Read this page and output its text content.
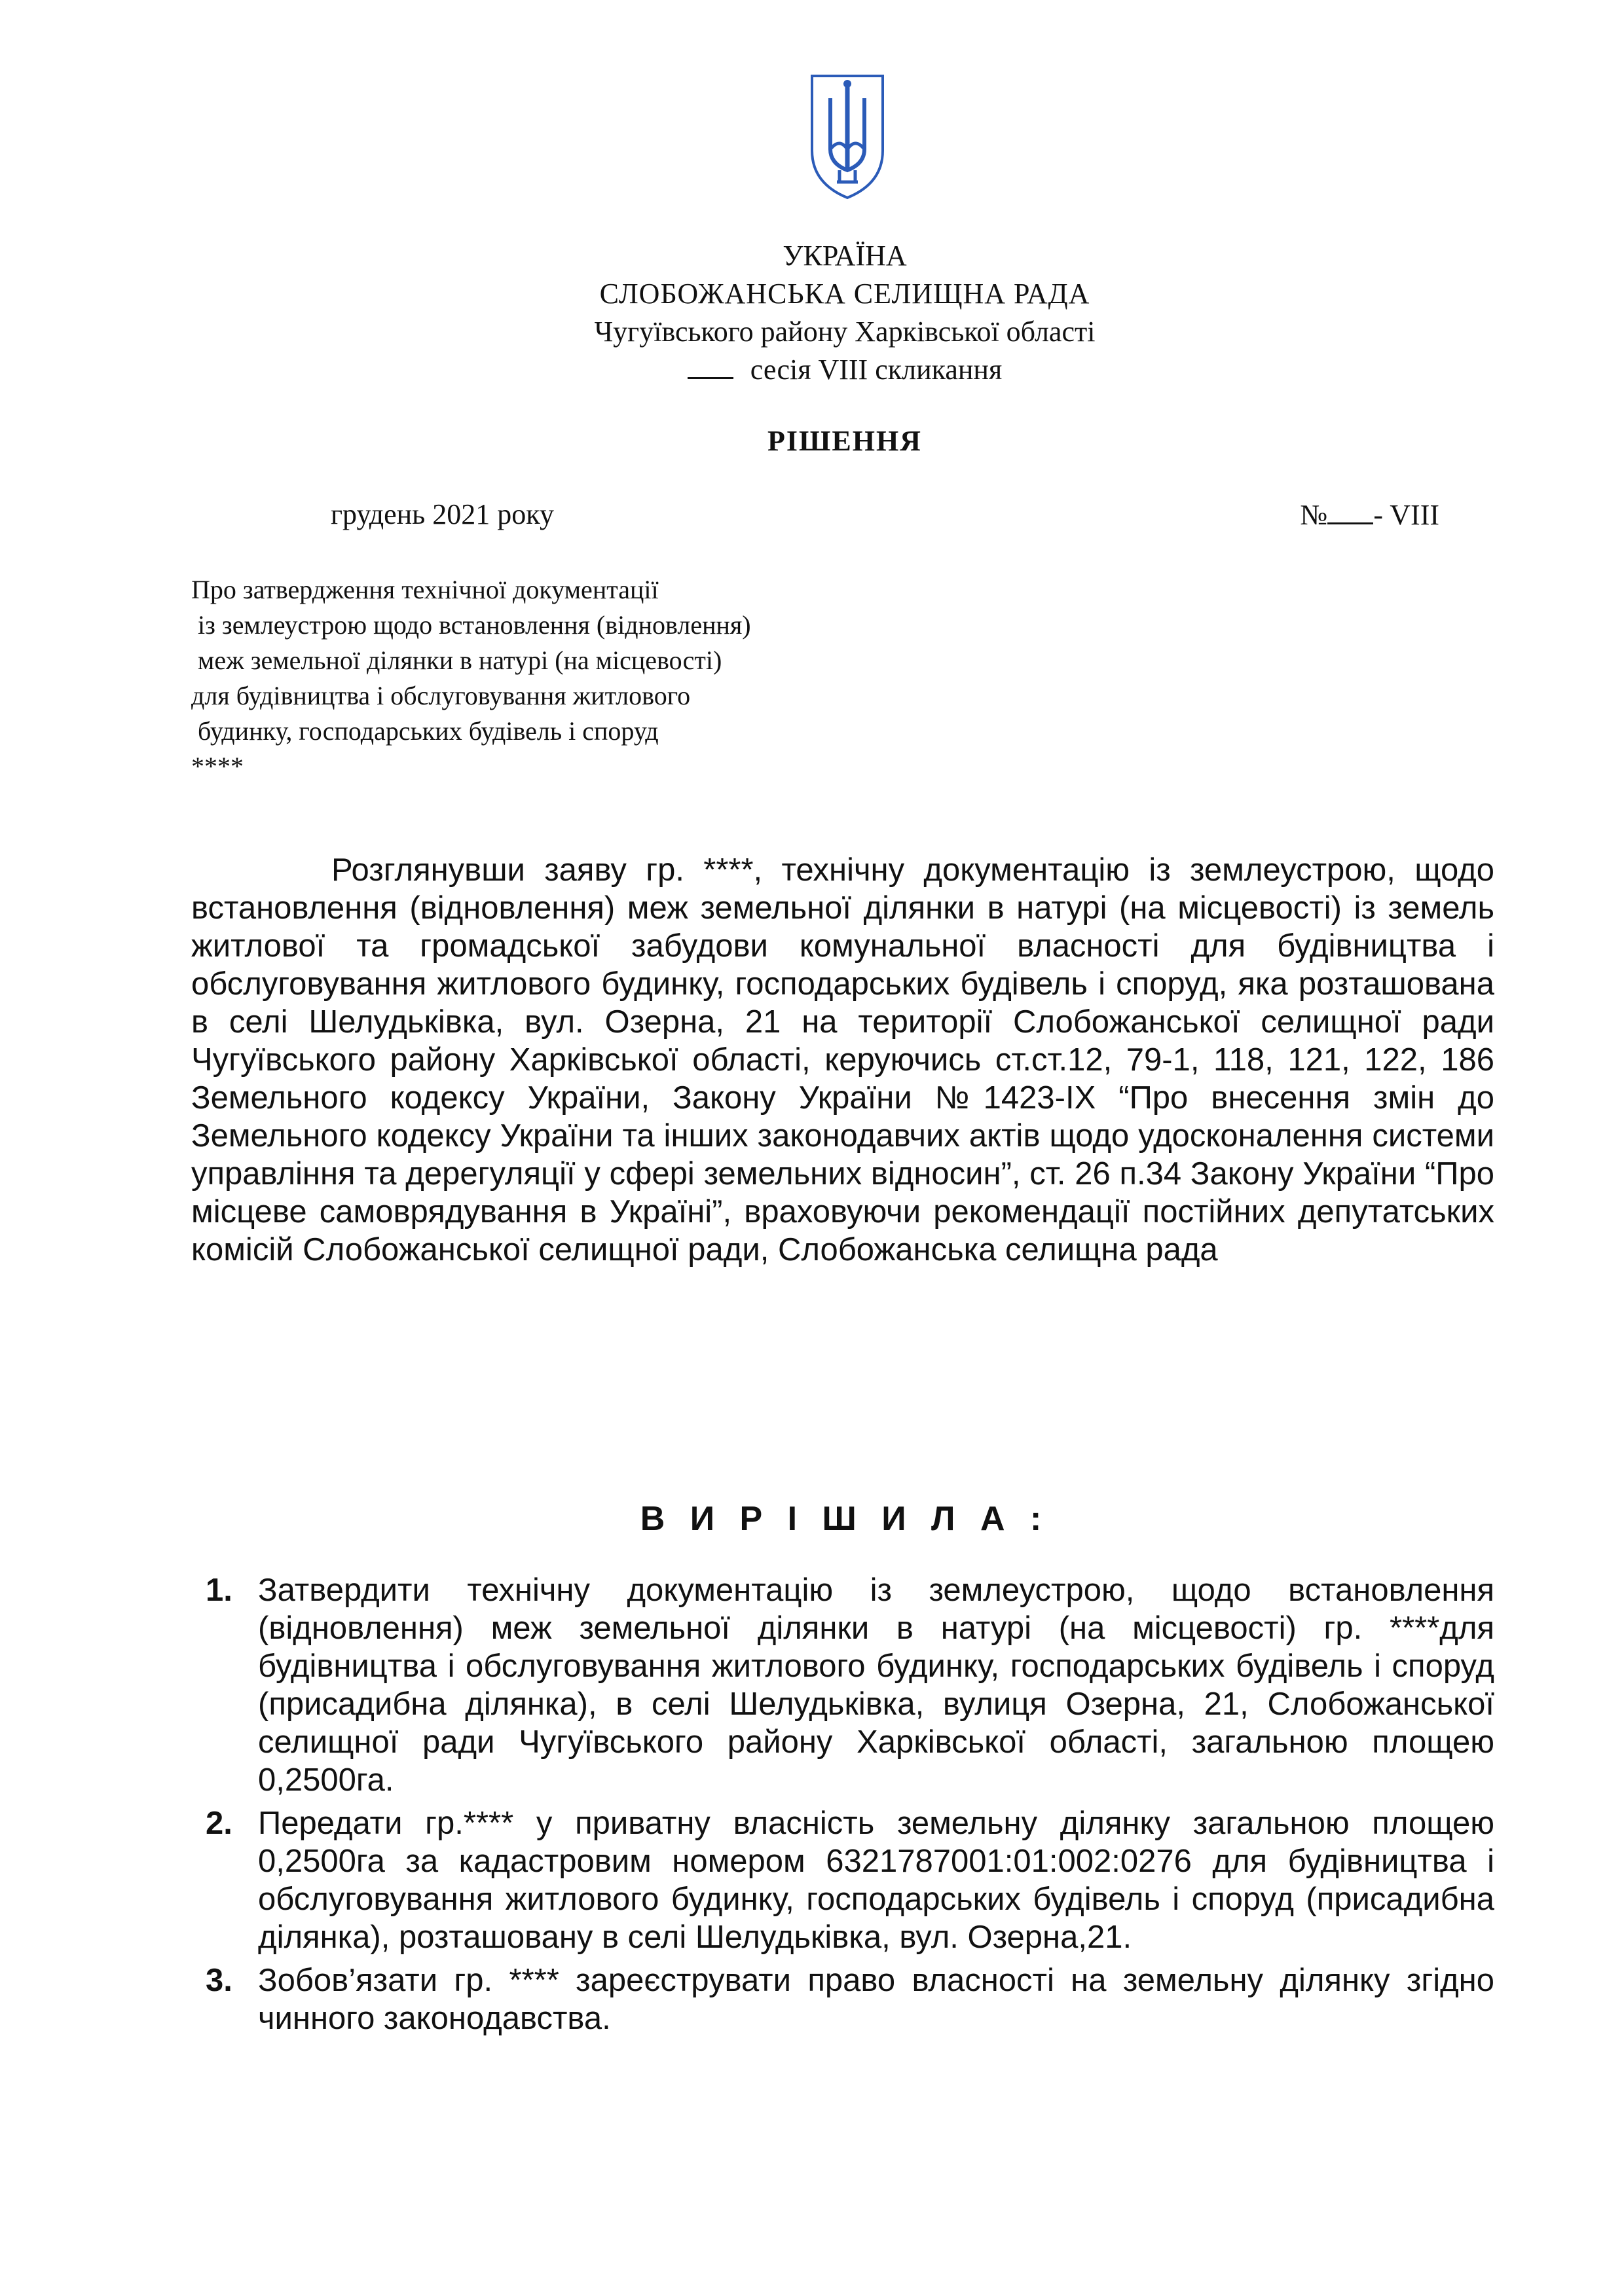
УКРАЇНА
СЛОБОЖАНСЬКА СЕЛИЩНА РАДА
Чугуївського району Харківської області
сесія VIII скликання
РІШЕННЯ
грудень 2021 року	№ - VIII
Про затвердження технічної документації
із землеустрою щодо встановлення (відновлення)
меж земельної ділянки в натурі (на місцевості)
для будівництва і обслуговування житлового
будинку, господарських будівель і споруд
****

Розглянувши заяву гр. ****, технічну документацію із землеустрою, щодо встановлення (відновлення) меж земельної ділянки в натурі (на місцевості) із земель житлової та громадської забудови комунальної власності для будівництва і обслуговування житлового будинку, господарських будівель і споруд, яка розташована в селі Шелудьківка, вул. Озерна, 21 на території Слобожанської селищної ради Чугуївського району Харківської області, керуючись ст.ст.12, 79-1, 118, 121, 122, 186 Земельного кодексу України, Закону України №1423-ІХ “Про внесення змін до Земельного кодексу України та інших законодавчих актів щодо удосконалення системи управління та дерегуляції у сфері земельних відносин”, ст. 26 п.34 Закону України “Про місцеве самоврядування в Україні”, враховуючи рекомендації постійних депутатських комісій Слобожанської селищної ради, Слобожанська селищна рада

В И Р І Ш И Л А :
1. Затвердити технічну документацію із землеустрою, щодо встановлення (відновлення) меж земельної ділянки в натурі (на місцевості) гр. ****для будівництва і обслуговування житлового будинку, господарських будівель і споруд (присадибна ділянка), в селі Шелудьківка, вулиця Озерна, 21, Слобожанської селищної ради Чугуївського району Харківської області, загальною площею 0,2500га.
2. Передати гр.**** у приватну власність земельну ділянку загальною площею 0,2500га за кадастровим номером 6321787001:01:002:0276 для будівництва і обслуговування житлового будинку, господарських будівель і споруд (присадибна ділянка), розташовану в селі Шелудьківка, вул. Озерна,21.
3. Зобов’язати гр. **** зареєструвати право власності на земельну ділянку згідно чинного законодавства.
